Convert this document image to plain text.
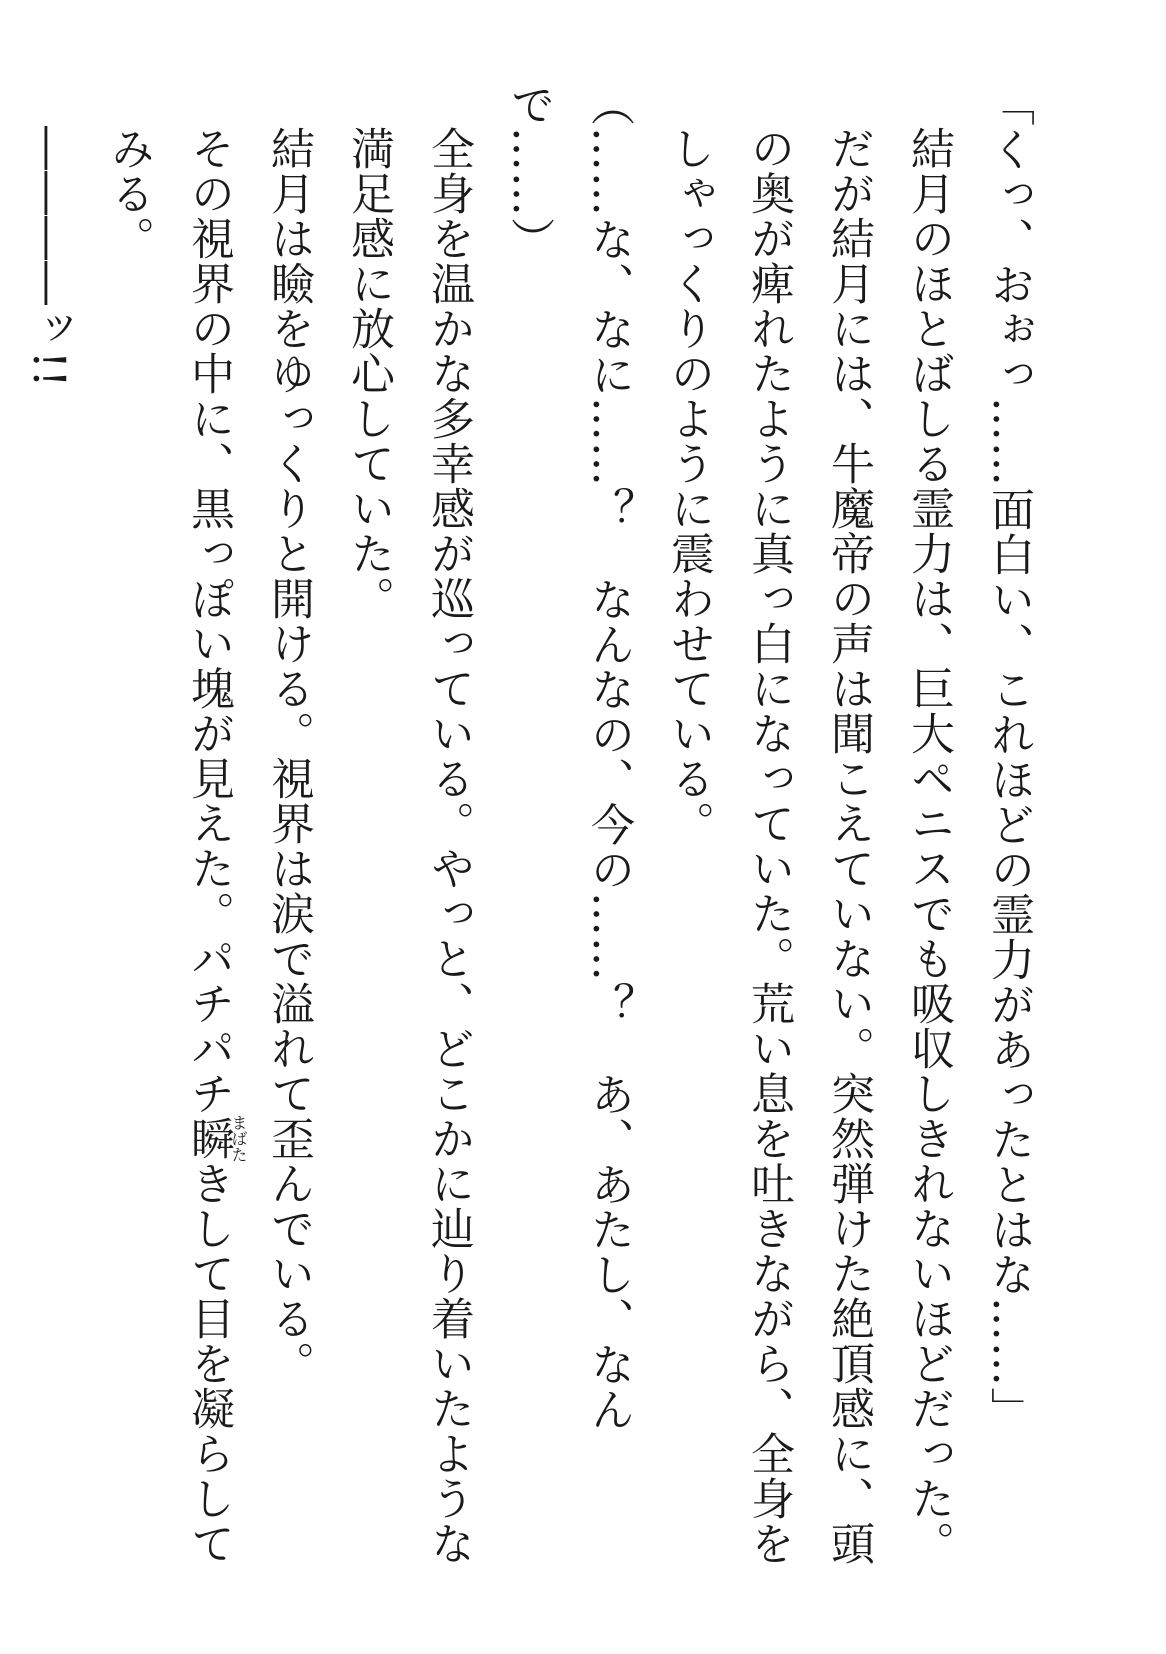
「くっ、おぉっ……面白い、これほどの霊力があったとはな……」

結月のほとばしる霊力は、巨大ペニスでも吸収しきれないほどだった。

だが結月には、牛魔帝の声は聞こえていない。突然弾けた絶頂感に、頭の奥が痺れたように真っ白になっていた。荒い息を吐きながら、全身をしゃっくりのように震わせている。

（……な、なに……？　なんなの、今の……？　あ、あたし、なんで……）

全身を温かな多幸感が巡っている。やっと、どこかに辿り着いたような満足感に放心していた。

結月は瞼をゆっくりと開ける。視界は涙で溢れて歪んでいる。

その視界の中に、黒っぽい塊が見えた。パチパチ瞬まばたきして目を凝らしてみる。

――――ッ!!
